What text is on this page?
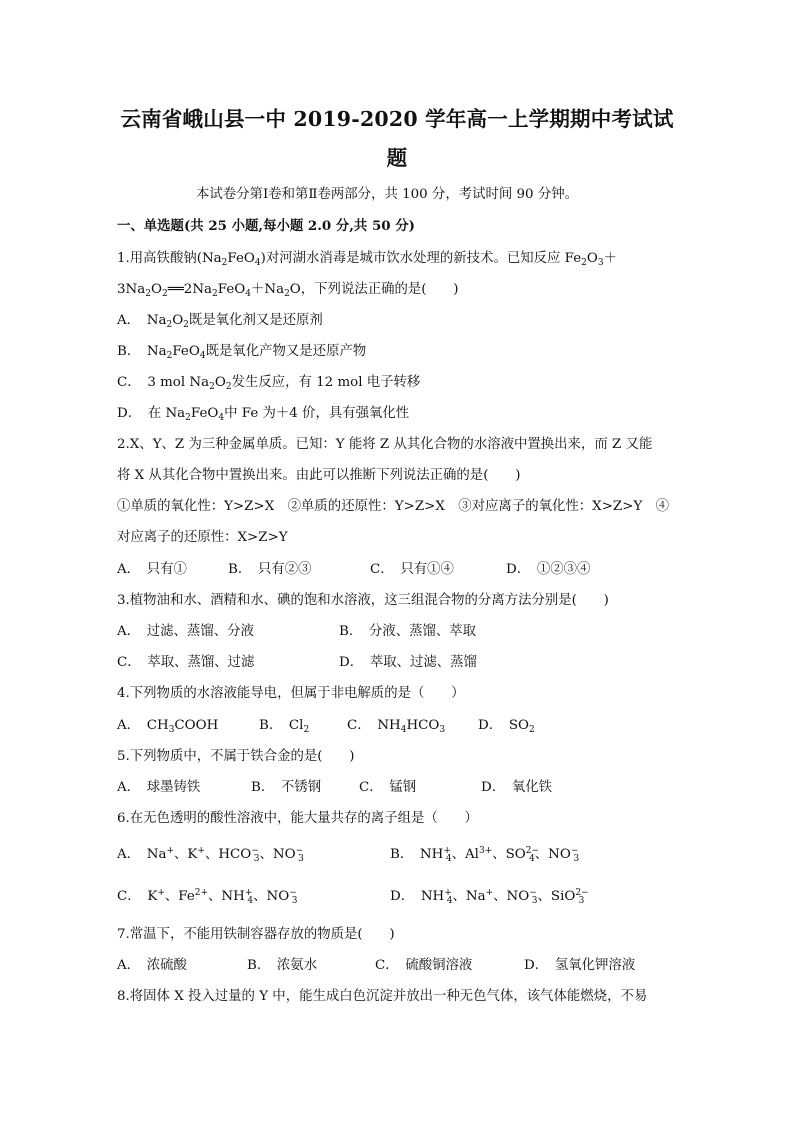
云南省峨山县一中 2019-2020 学年高一上学期期中考试试
题
本试卷分第Ⅰ卷和第Ⅱ卷两部分，共 100 分，考试时间 90 分钟。
一、单选题(共 25 小题,每小题 2.0 分,共 50 分)
1.用高铁酸钠$(Na_2FeO_4)$对河湖水消毒是城市饮水处理的新技术。已知反应 $Fe_2O_3+$
$3Na_2O_2══2Na_2FeO_4+Na_2O$，下列说法正确的是(　　)
A．　$Na_2O_2$既是氧化剂又是还原剂
B．　$Na_2FeO_4$既是氧化产物又是还原产物
C．　3 mol $Na_2O_2$发生反应，有 12 mol 电子转移
D．　在 $Na_2FeO_4$中 Fe 为＋4 价，具有强氧化性
2.X、Y、Z 为三种金属单质。已知：Y 能将 Z 从其化合物的水溶液中置换出来，而 Z 又能
将 X 从其化合物中置换出来。由此可以推断下列说法正确的是(　　)
①单质的氧化性：Y>Z>X　②单质的还原性：Y>Z>X　③对应离子的氧化性：X>Z>Y　④
对应离子的还原性：X>Z>Y
A．　只有①	B．　只有②③	C．　只有①④	D．　①②③④
3.植物油和水、酒精和水、碘的饱和水溶液，这三组混合物的分离方法分别是(　　)
A．　过滤、蒸馏、分液	B．　分液、蒸馏、萃取
C．　萃取、蒸馏、过滤	D．　萃取、过滤、蒸馏
4.下列物质的水溶液能导电，但属于非电解质的是（　　）
A．　$CH_3COOH$	B．　$Cl_2$	C．　$NH_4HCO_3$ D．　$SO_2$
5.下列物质中，不属于铁合金的是(　　)
A．　球墨铸铁	B．　不锈钢	C．　锰钢	D．　氧化铁
6.在无色透明的酸性溶液中，能大量共存的离子组是（　　）
A．　Na+、K+、$HCO^-_3$、$NO^-_3$	B．　$NH^+_4$、$Al^{3+}$、$SO^{2-}_4$、$NO^-_3$
C．　K+、$Fe^{2+}$、$NH^+_4$、$NO^-_3$	D．　$NH^+_4$、Na+、$NO^-_3$、SiO$^{2-}_3$
7.常温下，不能用铁制容器存放的物质是(　　)
A．　浓硫酸	B．　浓氨水	C．　硫酸铜溶液	D．　氢氧化钾溶液
8.将固体 X 投入过量的 Y 中，能生成白色沉淀并放出一种无色气体，该气体能燃烧，不易
